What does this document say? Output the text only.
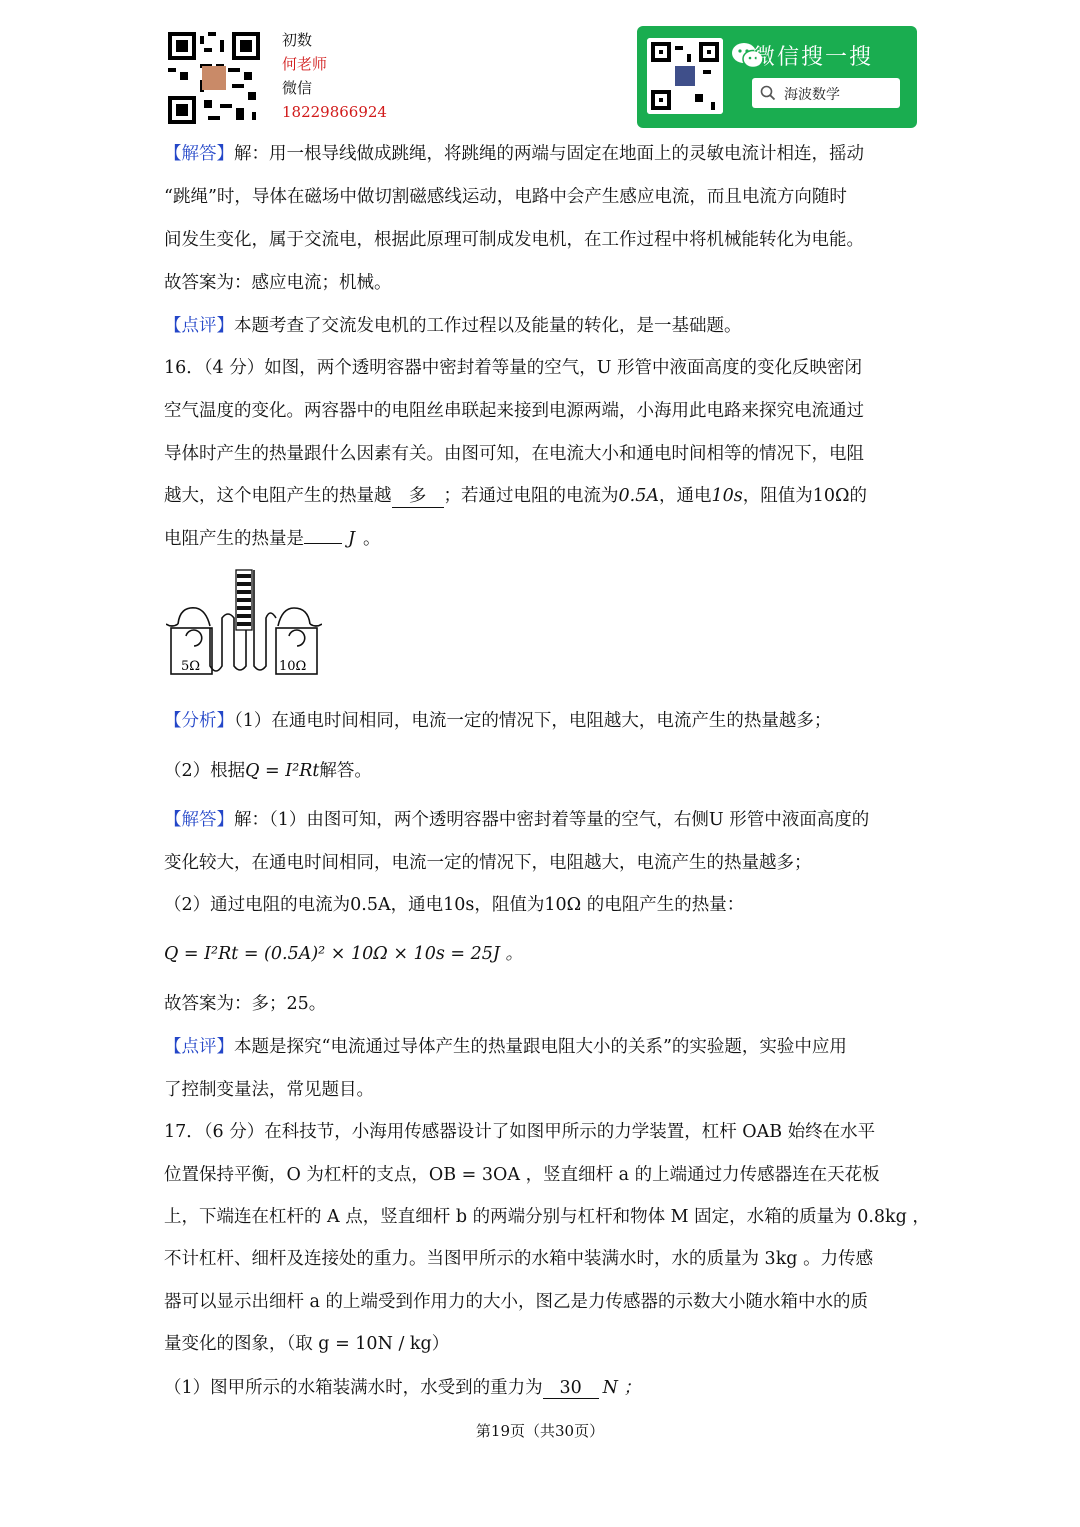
初数
何老师
微信
18229866924
微信搜一搜
海波数学
【解答】解：用一根导线做成跳绳，将跳绳的两端与固定在地面上的灵敏电流计相连，摇动
“跳绳”时，导体在磁场中做切割磁感线运动，电路中会产生感应电流，而且电流方向随时
间发生变化，属于交流电，根据此原理可制成发电机，在工作过程中将机械能转化为电能。
故答案为：感应电流；机械。
【点评】本题考查了交流发电机的工作过程以及能量的转化，是一基础题。
16．（4 分）如图，两个透明容器中密封着等量的空气，U 形管中液面高度的变化反映密闭
空气温度的变化。两容器中的电阻丝串联起来接到电源两端，小海用此电路来探究电流通过
导体时产生的热量跟什么因素有关。由图可知，在电流大小和通电时间相等的情况下，电阻
越大，这个电阻产生的热量越 多 ；若通过电阻的电流为0.5A，通电10s，阻值为10Ω的
电阻产生的热量是	J 。
5Ω	10Ω
【分析】（1）在通电时间相同，电流一定的情况下，电阻越大，电流产生的热量越多；
（2）根据Q = I²Rt解答。
【解答】解：（1）由图可知，两个透明容器中密封着等量的空气，右侧U 形管中液面高度的
变化较大，在通电时间相同，电流一定的情况下，电阻越大，电流产生的热量越多；
（2）通过电阻的电流为0.5A，通电10s，阻值为10Ω 的电阻产生的热量：
Q = I²Rt = (0.5A)² × 10Ω × 10s = 25J 。
故答案为：多；25。
【点评】本题是探究“电流通过导体产生的热量跟电阻大小的关系”的实验题，实验中应用
了控制变量法，常见题目。
17．（6 分）在科技节，小海用传感器设计了如图甲所示的力学装置，杠杆 OAB 始终在水平
位置保持平衡，O 为杠杆的支点，OB = 3OA ，竖直细杆 a 的上端通过力传感器连在天花板
上，下端连在杠杆的 A 点，竖直细杆 b 的两端分别与杠杆和物体 M 固定，水箱的质量为 0.8kg ，
不计杠杆、细杆及连接处的重力。当图甲所示的水箱中装满水时，水的质量为 3kg 。力传感
器可以显示出细杆 a 的上端受到作用力的大小，图乙是力传感器的示数大小随水箱中水的质
量变化的图象，（取 g = 10N / kg）
（1）图甲所示的水箱装满水时，水受到的重力为 30 N ；
第19页（共30页）
